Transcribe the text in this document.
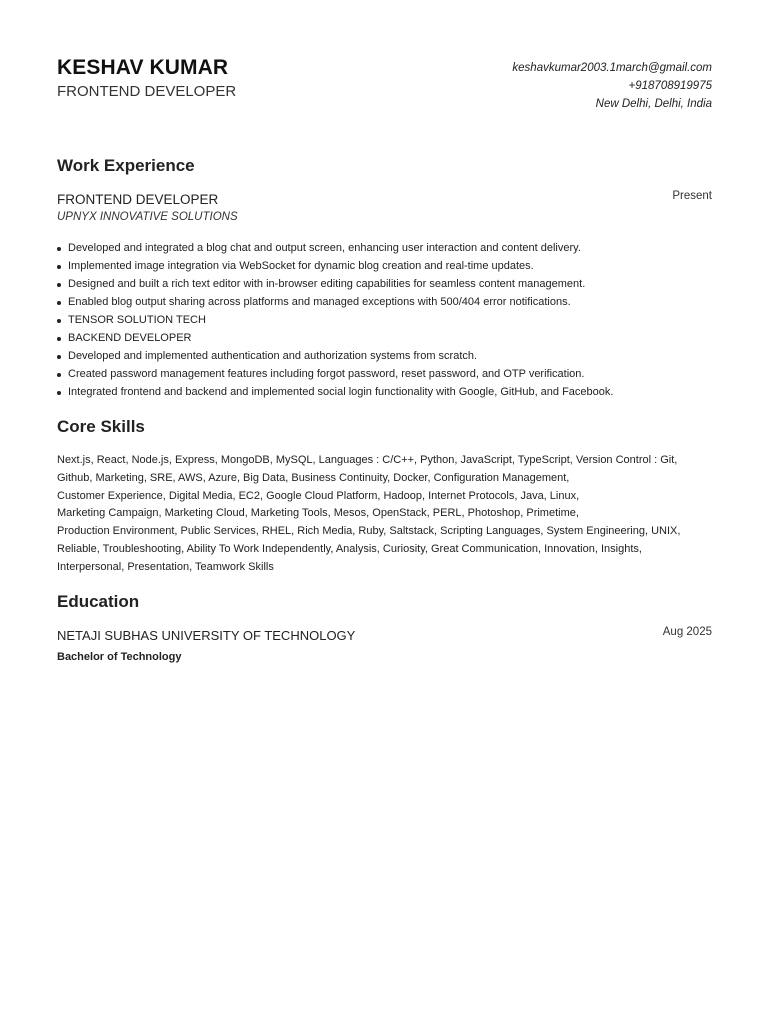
KESHAV KUMAR
FRONTEND DEVELOPER
keshavkumar2003.1march@gmail.com
+918708919975
New Delhi, Delhi, India
Work Experience
FRONTEND DEVELOPER	Present
UPNYX INNOVATIVE SOLUTIONS
Developed and integrated a blog chat and output screen, enhancing user interaction and content delivery.
Implemented image integration via WebSocket for dynamic blog creation and real-time updates.
Designed and built a rich text editor with in-browser editing capabilities for seamless content management.
Enabled blog output sharing across platforms and managed exceptions with 500/404 error notifications.
TENSOR SOLUTION TECH
BACKEND DEVELOPER
Developed and implemented authentication and authorization systems from scratch.
Created password management features including forgot password, reset password, and OTP verification.
Integrated frontend and backend and implemented social login functionality with Google, GitHub, and Facebook.
Core Skills
Next.js, React, Node.js, Express, MongoDB, MySQL, Languages : C/C++, Python, JavaScript, TypeScript, Version Control : Git,
Github, Marketing, SRE, AWS, Azure, Big Data, Business Continuity, Docker, Configuration Management,
Customer Experience, Digital Media, EC2, Google Cloud Platform, Hadoop, Internet Protocols, Java, Linux,
Marketing Campaign, Marketing Cloud, Marketing Tools, Mesos, OpenStack, PERL, Photoshop, Primetime,
Production Environment, Public Services, RHEL, Rich Media, Ruby, Saltstack, Scripting Languages, System Engineering, UNIX,
Reliable, Troubleshooting, Ability To Work Independently, Analysis, Curiosity, Great Communication, Innovation, Insights,
Interpersonal, Presentation, Teamwork Skills
Education
NETAJI SUBHAS UNIVERSITY OF TECHNOLOGY	Aug 2025
Bachelor of Technology
